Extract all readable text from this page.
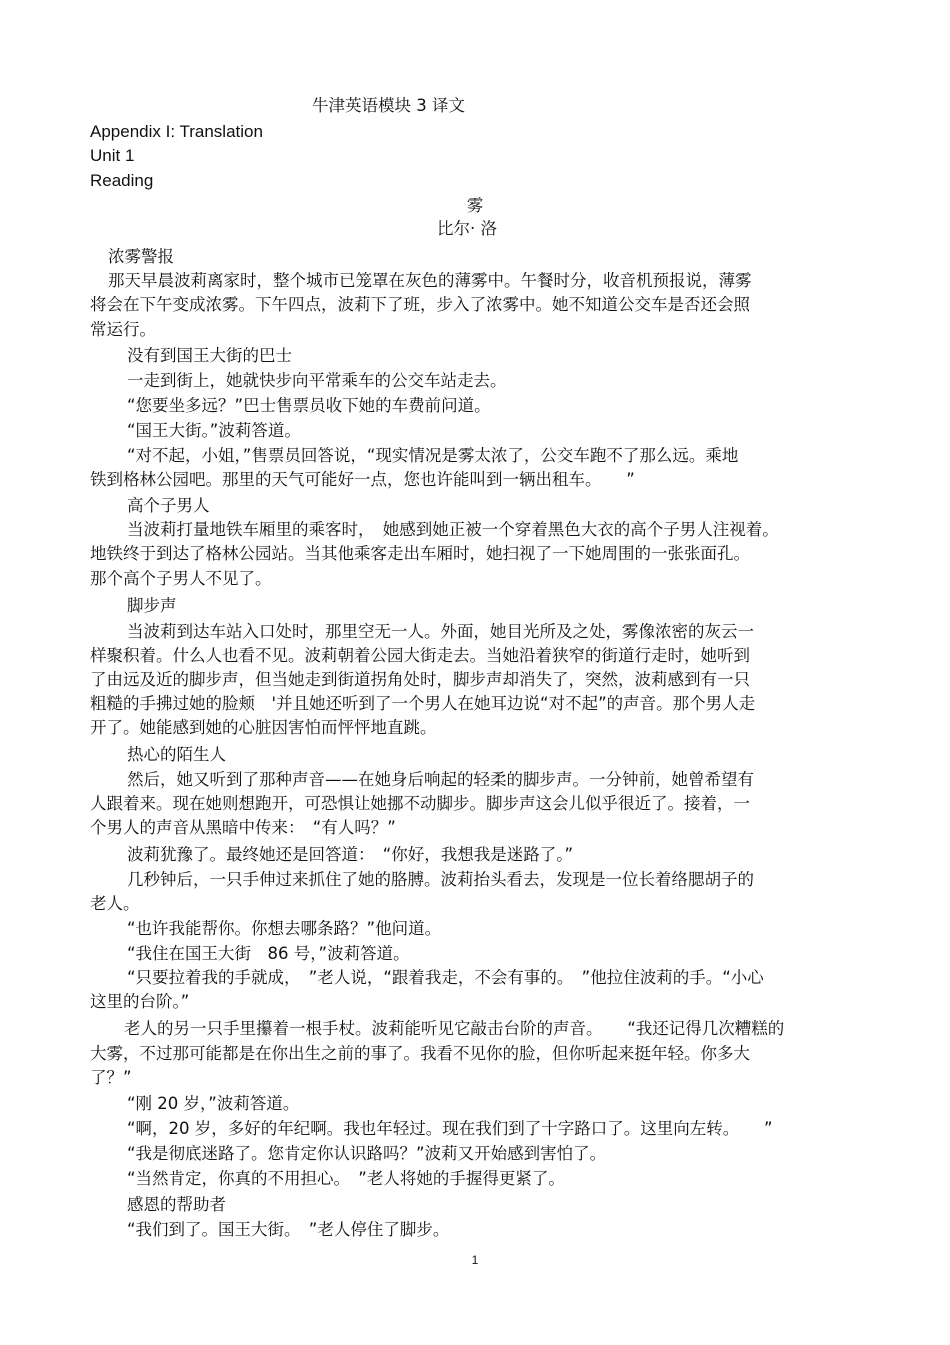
牛津英语模块 3 译文
Appendix I: Translation
Unit 1
Reading
雾
比尔· 洛
浓雾警报
那天早晨波莉离家时，整个城市已笼罩在灰色的薄雾中。午餐时分，收音机预报说，薄雾
将会在下午变成浓雾。下午四点，波莉下了班，步入了浓雾中。她不知道公交车是否还会照
常运行。
没有到国王大街的巴士
一走到街上，她就快步向平常乘车的公交车站走去。
“您要坐多远？”巴士售票员收下她的车费前问道。
“国王大街。”波莉答道。
“对不起，小姐，”售票员回答说，“现实情况是雾太浓了，公交车跑不了那么远。乘地
铁到格林公园吧。那里的天气可能好一点，您也许能叫到一辆出租车。　　”
高个子男人
当波莉打量地铁车厢里的乘客时，　她感到她正被一个穿着黑色大衣的高个子男人注视着。
地铁终于到达了格林公园站。当其他乘客走出车厢时，她扫视了一下她周围的一张张面孔。
那个高个子男人不见了。
脚步声
当波莉到达车站入口处时，那里空无一人。外面，她目光所及之处，雾像浓密的灰云一
样聚积着。什么人也看不见。波莉朝着公园大街走去。当她沿着狭窄的街道行走时，她听到
了由远及近的脚步声，但当她走到街道拐角处时，脚步声却消失了，突然，波莉感到有一只
粗糙的手拂过她的脸颊　'并且她还听到了一个男人在她耳边说“对不起”的声音。那个男人走
开了。她能感到她的心脏因害怕而怦怦地直跳。
热心的陌生人
然后，她又听到了那种声音——在她身后响起的轻柔的脚步声。一分钟前，她曾希望有
人跟着来。现在她则想跑开，可恐惧让她挪不动脚步。脚步声这会儿似乎很近了。接着，一
个男人的声音从黑暗中传来：　“有人吗？”
波莉犹豫了。最终她还是回答道：　“你好，我想我是迷路了。”
几秒钟后，一只手伸过来抓住了她的胳膊。波莉抬头看去，发现是一位长着络腮胡子的
老人。
“也许我能帮你。你想去哪条路？”他问道。
“我住在国王大街　86 号，”波莉答道。
“只要拉着我的手就成，　”老人说，“跟着我走，不会有事的。　”他拉住波莉的手。“小心
这里的台阶。”
老人的另一只手里攥着一根手杖。波莉能听见它敲击台阶的声音。　　“我还记得几次糟糕的
大雾，不过那可能都是在你出生之前的事了。我看不见你的脸，但你听起来挺年轻。你多大
了？”
“刚 20 岁，”波莉答道。
“啊，20 岁，多好的年纪啊。我也年轻过。现在我们到了十字路口了。这里向左转。　　”
“我是彻底迷路了。您肯定你认识路吗？”波莉又开始感到害怕了。
“当然肯定，你真的不用担心。　”老人将她的手握得更紧了。
感恩的帮助者
“我们到了。国王大街。　”老人停住了脚步。
1
